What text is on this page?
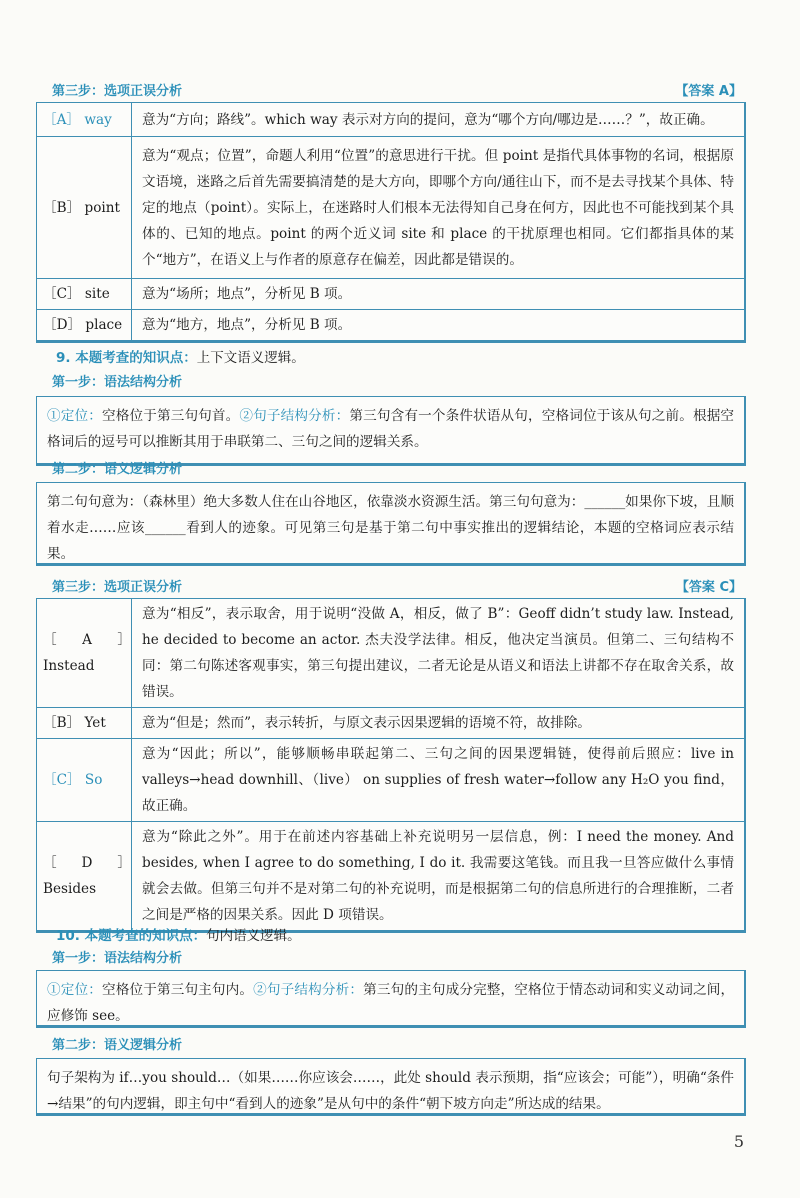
第三步：选项正误分析	【答案 A】
［A］ way	意为“方向；路线”。which way 表示对方向的提问，意为“哪个方向/哪边是……？”，故正确。
［B］ point	意为“观点；位置”，命题人利用“位置”的意思进行干扰。但 point 是指代具体事物的名词，根据原文语境，迷路之后首先需要搞清楚的是大方向，即哪个方向/通往山下，而不是去寻找某个具体、特定的地点（point）。实际上，在迷路时人们根本无法得知自己身在何方，因此也不可能找到某个具体的、已知的地点。point 的两个近义词 site 和 place 的干扰原理也相同。它们都指具体的某个“地方”，在语义上与作者的原意存在偏差，因此都是错误的。
［C］ site	意为“场所；地点”，分析见 B 项。
［D］ place	意为“地方，地点”，分析见 B 项。
9. 本题考查的知识点：上下文语义逻辑。
第一步：语法结构分析
①定位：空格位于第三句句首。②句子结构分析：第三句含有一个条件状语从句，空格词位于该从句之前。根据空格词后的逗号可以推断其用于串联第二、三句之间的逻辑关系。
第二步：语义逻辑分析
第二句句意为：（森林里）绝大多数人住在山谷地区，依靠淡水资源生活。第三句句意为：______如果你下坡，且顺着水走……应该______看到人的迹象。可见第三句是基于第二句中事实推出的逻辑结论，本题的空格词应表示结果。
第三步：选项正误分析	【答案 C】
［A］ Instead	意为“相反”，表示取舍，用于说明“没做 A，相反，做了 B”：Geoff didn’t study law. Instead, he decided to become an actor. 杰夫没学法律。相反，他决定当演员。但第二、三句结构不同：第二句陈述客观事实，第三句提出建议，二者无论是从语义和语法上讲都不存在取舍关系，故错误。
［B］ Yet	意为“但是；然而”，表示转折，与原文表示因果逻辑的语境不符，故排除。
［C］ So	意为“因此；所以”，能够顺畅串联起第二、三句之间的因果逻辑链，使得前后照应：live in valleys→head downhill、（live） on supplies of fresh water→follow any H₂O you find，故正确。
［D］ Besides	意为“除此之外”。用于在前述内容基础上补充说明另一层信息，例：I need the money. And besides, when I agree to do something, I do it. 我需要这笔钱。而且我一旦答应做什么事情就会去做。但第三句并不是对第二句的补充说明，而是根据第二句的信息所进行的合理推断，二者之间是严格的因果关系。因此 D 项错误。
10. 本题考查的知识点：句内语义逻辑。
第一步：语法结构分析
①定位：空格位于第三句主句内。②句子结构分析：第三句的主句成分完整，空格位于情态动词和实义动词之间，应修饰 see。
第二步：语义逻辑分析
句子架构为 if…you should…（如果……你应该会……，此处 should 表示预期，指“应该会；可能”），明确“条件→结果”的句内逻辑，即主句中“看到人的迹象”是从句中的条件“朝下坡方向走”所达成的结果。
5
